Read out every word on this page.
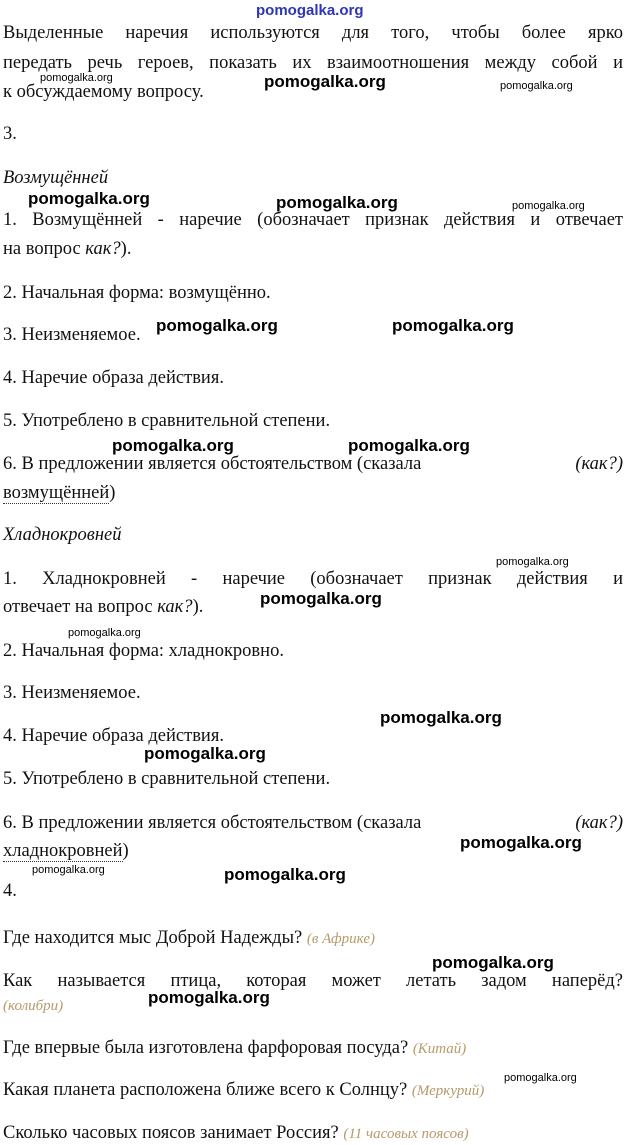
Выделенные наречия используются для того, чтобы более ярко
передать речь героев, показать их взаимоотношения между собой и
к обсуждаемому вопросу.
3.
Возмущённей
1. Возмущённей - наречие (обозначает признак действия и отвечает
на вопрос как?).
2. Начальная форма: возмущённо.
3. Неизменяемое.
4. Наречие образа действия.
5. Употреблено в сравнительной степени.
6. В предложении является обстоятельством (сказала	(как?)
возмущённей)
Хладнокровней
1. Хладнокровней - наречие (обозначает признак действия и
отвечает на вопрос как?).
2. Начальная форма: хладнокровно.
3. Неизменяемое.
4. Наречие образа действия.
5. Употреблено в сравнительной степени.
6. В предложении является обстоятельством (сказала	(как?)
хладнокровней)
4.
Где находится мыс Доброй Надежды? (в Африке)
Как называется птица, которая может летать задом наперёд?
(колибри)
Где впервые была изготовлена фарфоровая посуда? (Китай)
Какая планета расположена ближе всего к Солнцу? (Меркурий)
Сколько часовых поясов занимает Россия? (11 часовых поясов)
pomogalka.org
pomogalka.org	pomogalka.org	pomogalka.org
pomogalka.org	pomogalka.org	pomogalka.org
pomogalka.org	pomogalka.org
pomogalka.org	pomogalka.org
pomogalka.org
pomogalka.org
pomogalka.org
pomogalka.org
pomogalka.org
pomogalka.org
pomogalka.org	pomogalka.org
pomogalka.org
pomogalka.org
pomogalka.org
